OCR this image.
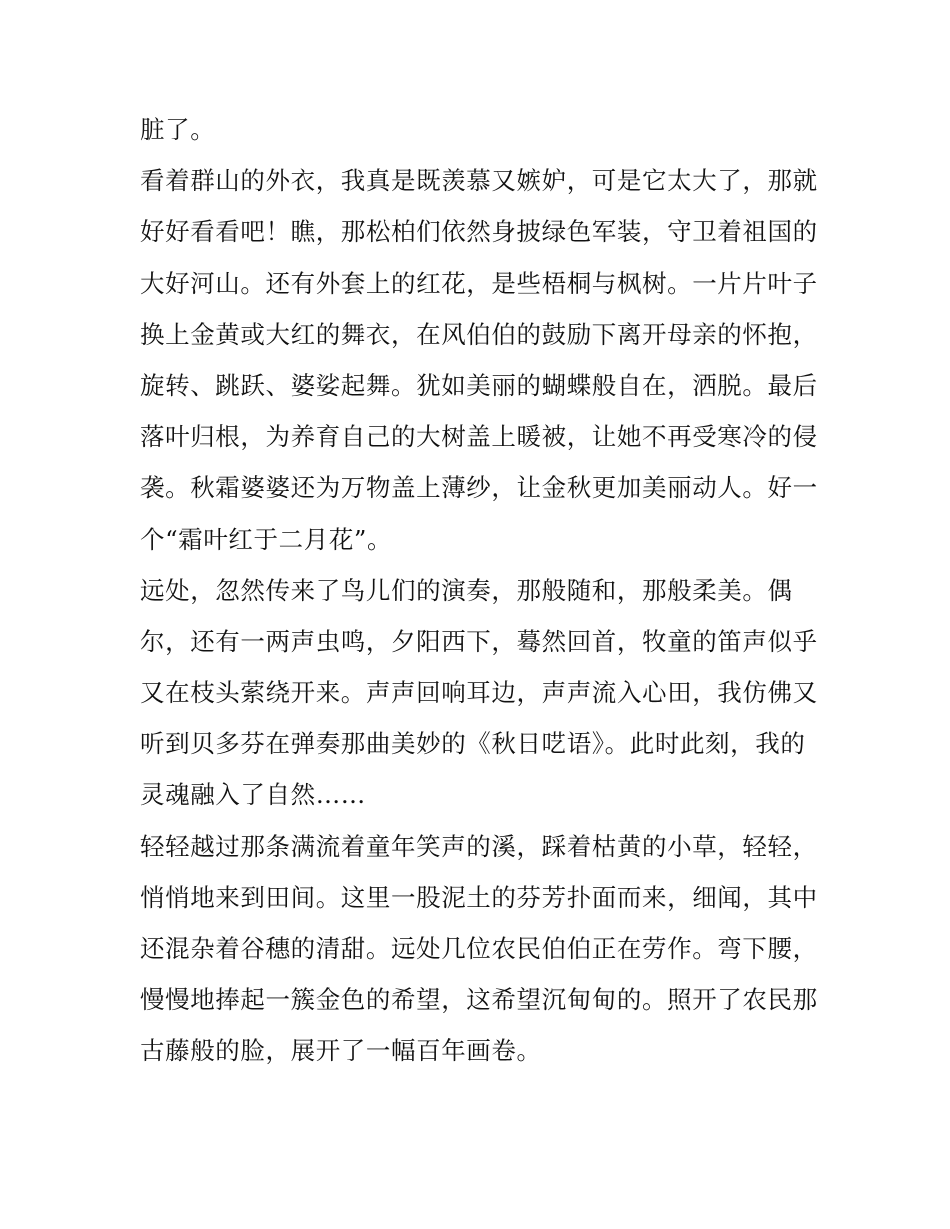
脏了。
看着群山的外衣，我真是既羡慕又嫉妒，可是它太大了，那就
好好看看吧！瞧，那松柏们依然身披绿色军装，守卫着祖国的
大好河山。还有外套上的红花，是些梧桐与枫树。一片片叶子
换上金黄或大红的舞衣，在风伯伯的鼓励下离开母亲的怀抱，
旋转、跳跃、婆娑起舞。犹如美丽的蝴蝶般自在，洒脱。最后
落叶归根，为养育自己的大树盖上暖被，让她不再受寒冷的侵
袭。秋霜婆婆还为万物盖上薄纱，让金秋更加美丽动人。好一
个“霜叶红于二月花”。
远处，忽然传来了鸟儿们的演奏，那般随和，那般柔美。偶
尔，还有一两声虫鸣，夕阳西下，蓦然回首，牧童的笛声似乎
又在枝头萦绕开来。声声回响耳边，声声流入心田，我仿佛又
听到贝多芬在弹奏那曲美妙的《秋日呓语》。此时此刻，我的
灵魂融入了自然……
轻轻越过那条满流着童年笑声的溪，踩着枯黄的小草，轻轻，
悄悄地来到田间。这里一股泥土的芬芳扑面而来，细闻，其中
还混杂着谷穗的清甜。远处几位农民伯伯正在劳作。弯下腰，
慢慢地捧起一簇金色的希望，这希望沉甸甸的。照开了农民那
古藤般的脸，展开了一幅百年画卷。
